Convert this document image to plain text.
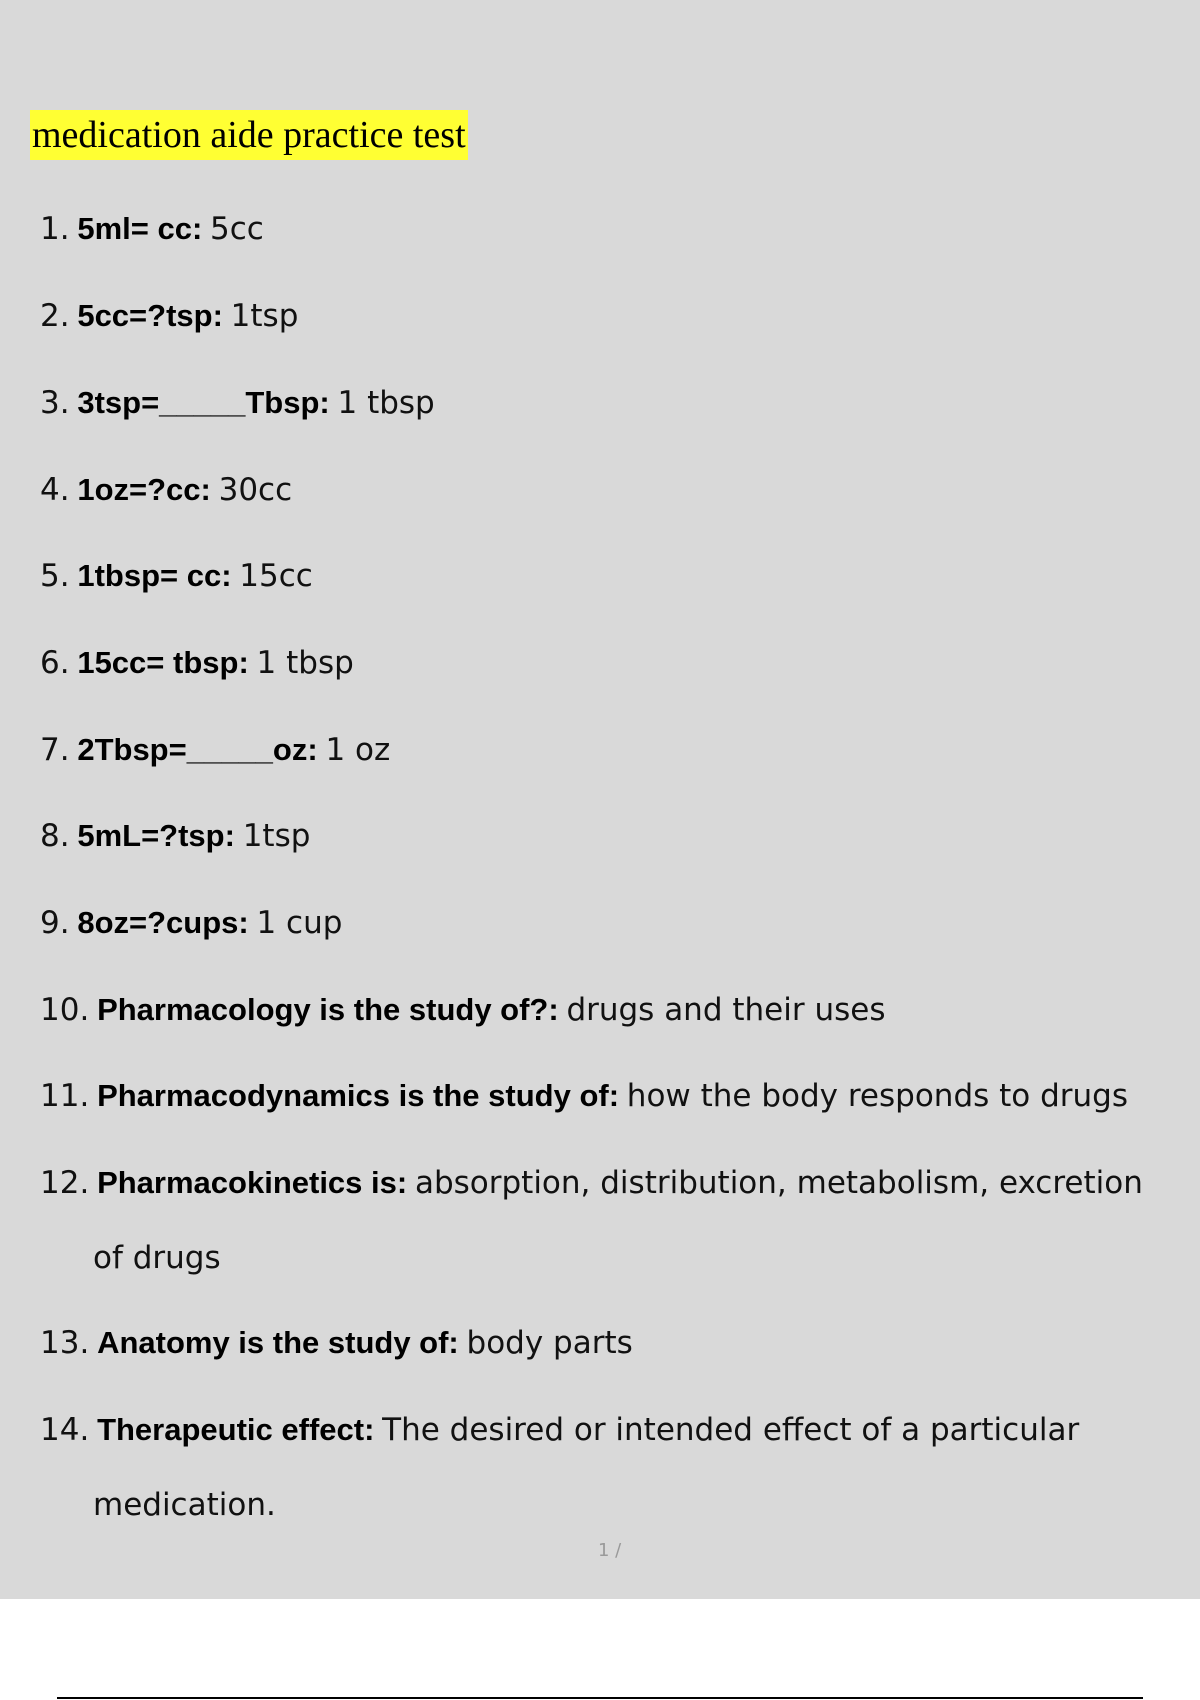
medication aide practice test
1. 5ml= cc: 5cc
2. 5cc=?tsp: 1tsp
3. 3tsp=_____Tbsp: 1 tbsp
4. 1oz=?cc: 30cc
5. 1tbsp= cc: 15cc
6. 15cc= tbsp: 1 tbsp
7. 2Tbsp=_____oz: 1 oz
8. 5mL=?tsp: 1tsp
9. 8oz=?cups: 1 cup
10. Pharmacology is the study of?: drugs and their uses
11. Pharmacodynamics is the study of: how the body responds to drugs
12. Pharmacokinetics is: absorption, distribution, metabolism, excretion
of drugs
13. Anatomy is the study of: body parts
14. Therapeutic effect: The desired or intended effect of a particular
medication.
1 /
